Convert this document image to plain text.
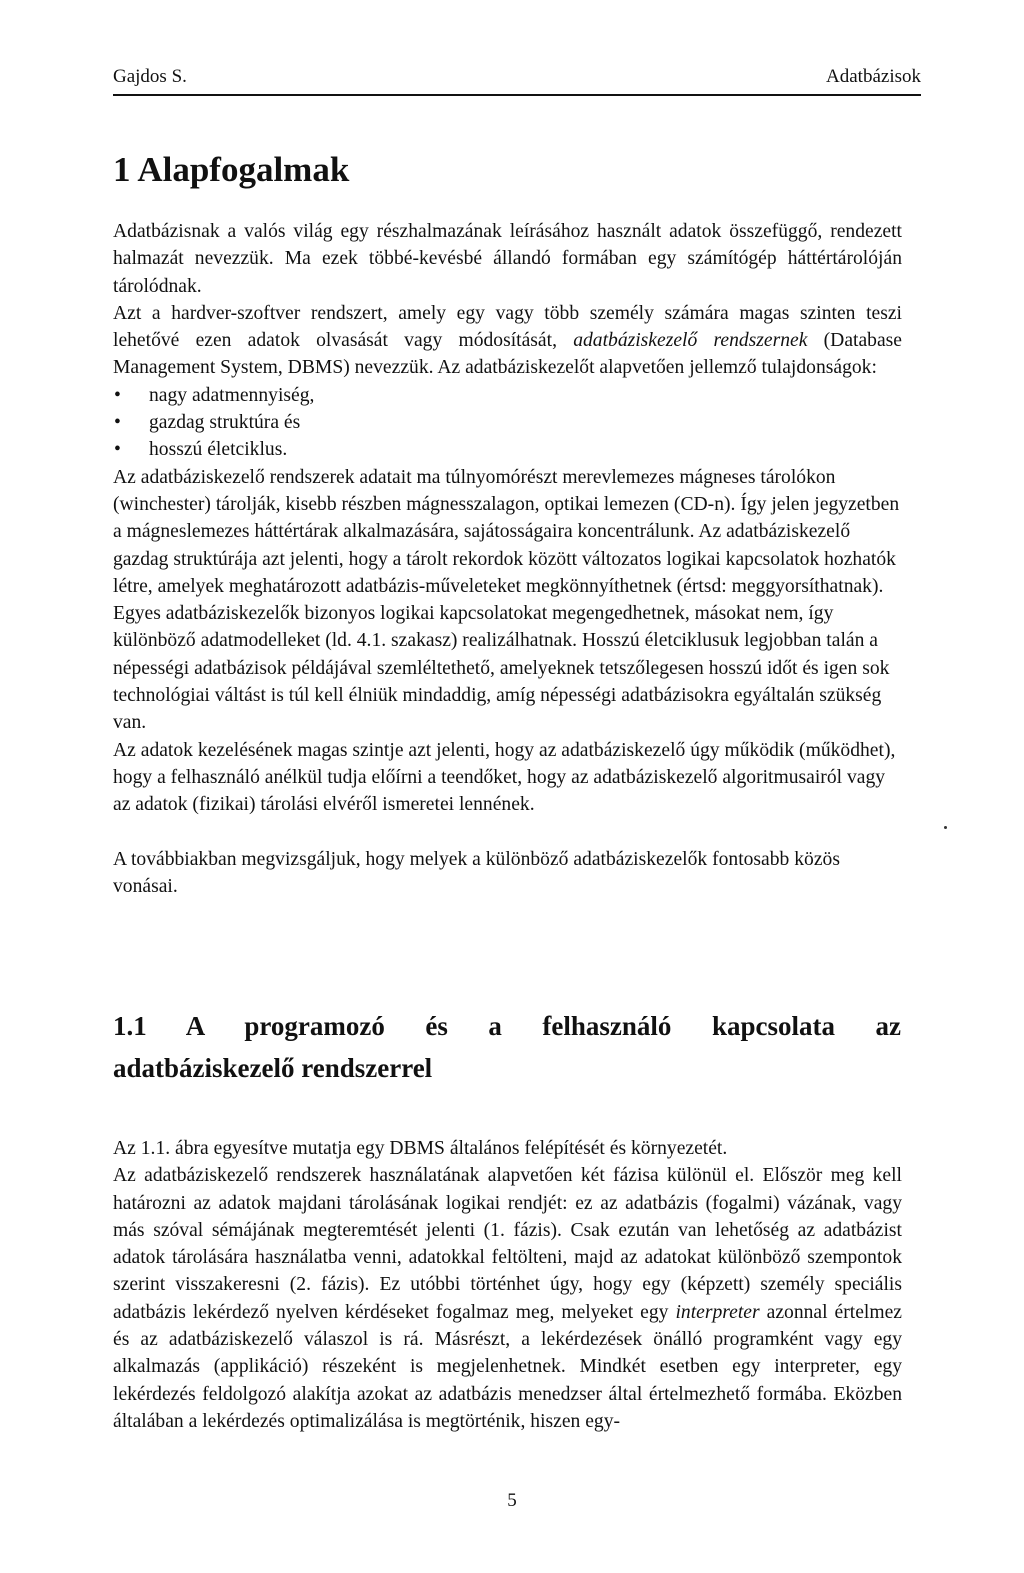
Gajdos S.	Adatbázisok
1 Alapfogalmak

Adatbázisnak a valós világ egy részhalmazának leírásához használt adatok összefüggő, rendezett halmazát nevezzük. Ma ezek többé-kevésbé állandó formában egy számítógép háttértárolóján tárolódnak.

Azt a hardver-szoftver rendszert, amely egy vagy több személy számára magas szinten teszi lehetővé ezen adatok olvasását vagy módosítását, adatbáziskezelő rendszernek (Database Management System, DBMS) nevezzük. Az adatbáziskezelőt alapvetően jellemző tulajdonságok:

• nagy adatmennyiség,
• gazdag struktúra és
• hosszú életciklus.

Az adatbáziskezelő rendszerek adatait ma túlnyomórészt merevlemezes mágneses tárolókon (winchester) tárolják, kisebb részben mágnesszalagon, optikai lemezen (CD-n). Így jelen jegyzetben a mágneslemezes háttértárak alkalmazására, sajátosságaira koncentrálunk. Az adatbáziskezelő gazdag struktúrája azt jelenti, hogy a tárolt rekordok között változatos logikai kapcsolatok hozhatók létre, amelyek meghatározott adatbázis-műveleteket megkönnyíthetnek (értsd: meggyorsíthatnak). Egyes adatbáziskezelők bizonyos logikai kapcsolatokat megengedhetnek, másokat nem, így különböző adatmodelleket (ld. 4.1. szakasz) realizálhatnak. Hosszú életciklusuk legjobban talán a népességi adatbázisok példájával szemléltethető, amelyeknek tetszőlegesen hosszú időt és igen sok technológiai váltást is túl kell élniük mindaddig, amíg népességi adatbázisokra egyáltalán szükség van.

Az adatok kezelésének magas szintje azt jelenti, hogy az adatbáziskezelő úgy működik (működhet), hogy a felhasználó anélkül tudja előírni a teendőket, hogy az adatbáziskezelő algoritmusairól vagy az adatok (fizikai) tárolási elvéről ismeretei lennének.

A továbbiakban megvizsgáljuk, hogy melyek a különböző adatbáziskezelők fontosabb közös vonásai.

1.1 A programozó és a felhasználó kapcsolata az
adatbáziskezelő rendszerrel

Az 1.1. ábra egyesítve mutatja egy DBMS általános felépítését és környezetét.

Az adatbáziskezelő rendszerek használatának alapvetően két fázisa különül el. Először meg kell határozni az adatok majdani tárolásának logikai rendjét: ez az adatbázis (fogalmi) vázának, vagy más szóval sémájának megteremtését jelenti (1. fázis). Csak ezután van lehetőség az adatbázist adatok tárolására használatba venni, adatokkal feltölteni, majd az adatokat különböző szempontok szerint visszakeresni (2. fázis). Ez utóbbi történhet úgy, hogy egy (képzett) személy speciális adatbázis lekérdező nyelven kérdéseket fogalmaz meg, melyeket egy interpreter azonnal értelmez és az adatbáziskezelő válaszol is rá. Másrészt, a lekérdezések önálló programként vagy egy alkalmazás (applikáció) részeként is megjelenhetnek. Mindkét esetben egy interpreter, egy lekérdezés feldolgozó alakítja azokat az adatbázis menedzser által értelmezhető formába. Eközben általában a lekérdezés optimalizálása is megtörténik, hiszen egy-

5
